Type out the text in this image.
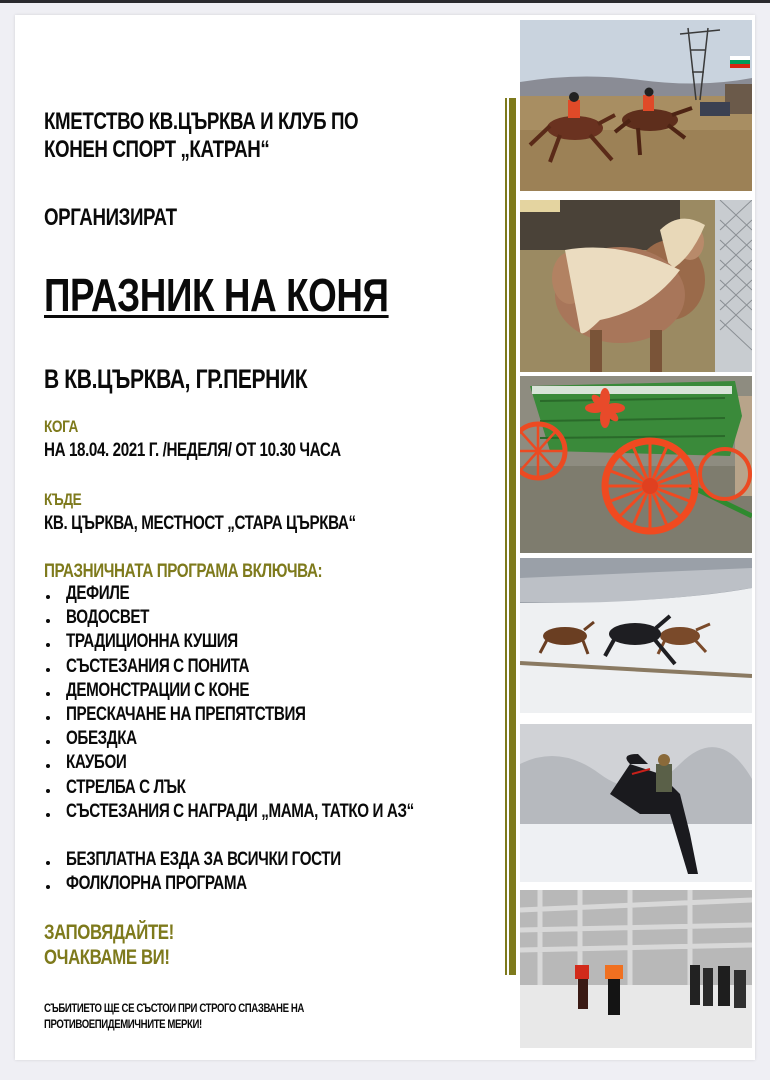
КМЕТСТВО КВ.ЦЪРКВА И КЛУБ ПО
КОНЕН СПОРТ „КАТРАН“
ОРГАНИЗИРАТ
ПРАЗНИК НА КОНЯ
В КВ.ЦЪРКВА, ГР.ПЕРНИК
КОГА
НА 18.04. 2021 Г. /НЕДЕЛЯ/ ОТ 10.30 ЧАСА
КЪДЕ
КВ. ЦЪРКВА, МЕСТНОСТ „СТАРА ЦЪРКВА“
ПРАЗНИЧНАТА ПРОГРАМА ВКЛЮЧВА:
ДЕФИЛЕ
ВОДОСВЕТ
ТРАДИЦИОННА КУШИЯ
СЪСТЕЗАНИЯ С ПОНИТА
ДЕМОНСТРАЦИИ С КОНЕ
ПРЕСКАЧАНЕ НА ПРЕПЯТСТВИЯ
ОБЕЗДКА
КАУБОИ
СТРЕЛБА С ЛЪК
СЪСТЕЗАНИЯ С НАГРАДИ „МАМА, ТАТКО И АЗ“
БЕЗПЛАТНА ЕЗДА ЗА ВСИЧКИ ГОСТИ
ФОЛКЛОРНА ПРОГРАМА
ЗАПОВЯДАЙТЕ!
ОЧАКВАМЕ ВИ!
СЪБИТИЕТО ЩЕ СЕ СЪСТОИ ПРИ СТРОГО СПАЗВАНЕ НА
ПРОТИВОЕПИДЕМИЧНИТЕ МЕРКИ!
